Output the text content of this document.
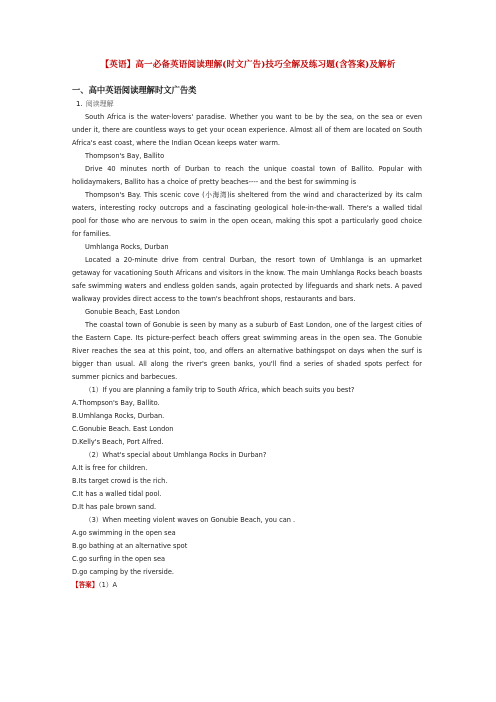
【英语】高一必备英语阅读理解(时文广告)技巧全解及练习题(含答案)及解析
一、高中英语阅读理解时文广告类
1. 阅读理解

South Africa is the water-lovers' paradise. Whether you want to be by the sea, on the sea or even under it, there are countless ways to get your ocean experience. Almost all of them are located on South Africa's east coast, where the Indian Ocean keeps water warm.

Thompson's Bay, Ballito

Drive 40 minutes north of Durban to reach the unique coastal town of Ballito. Popular with holidaymakers, Ballito has a choice of pretty beaches---- and the best for swimming is

Thompson's Bay. This scenic cove (小海湾)is sheltered from the wind and characterized by its calm waters, interesting rocky outcrops and a fascinating geological hole-in-the-wall. There's a walled tidal pool for those who are nervous to swim in the open ocean, making this spot a particularly good choice for families.

Umhlanga Rocks, Durban

Located a 20-minute drive from central Durban, the resort town of Umhlanga is an upmarket getaway for vacationing South Africans and visitors in the know. The main Umhlanga Rocks beach boasts safe swimming waters and endless golden sands, again protected by lifeguards and shark nets. A paved walkway provides direct access to the town's beachfront shops, restaurants and bars.

Gonubie Beach, East London

The coastal town of Gonubie is seen by many as a suburb of East London, one of the largest cities of the Eastern Cape. Its picture-perfect beach offers great swimming areas in the open sea. The Gonubie River reaches the sea at this point, too, and offers an alternative bathingspot on days when the surf is bigger than usual. All along the river's green banks, you'll find a series of shaded spots perfect for summer picnics and barbecues.

（1）If you are planning a family trip to South Africa, which beach suits you best?

A.Thompson's Bay, Ballito.

B.Umhlanga Rocks, Durban.

C.Gonubie Beach. East London

D.Kelly's Beach, Port Alfred.

（2）What's special about Umhlanga Rocks in Durban?

A.It is free for children.

B.Its target crowd is the rich.

C.It has a walled tidal pool.

D.It has pale brown sand.

（3）When meeting violent waves on Gonubie Beach, you can .

A.go swimming in the open sea

B.go bathing at an alternative spot

C.go surfing in the open sea

D.go camping by the riverside.

【答案】（1）A
